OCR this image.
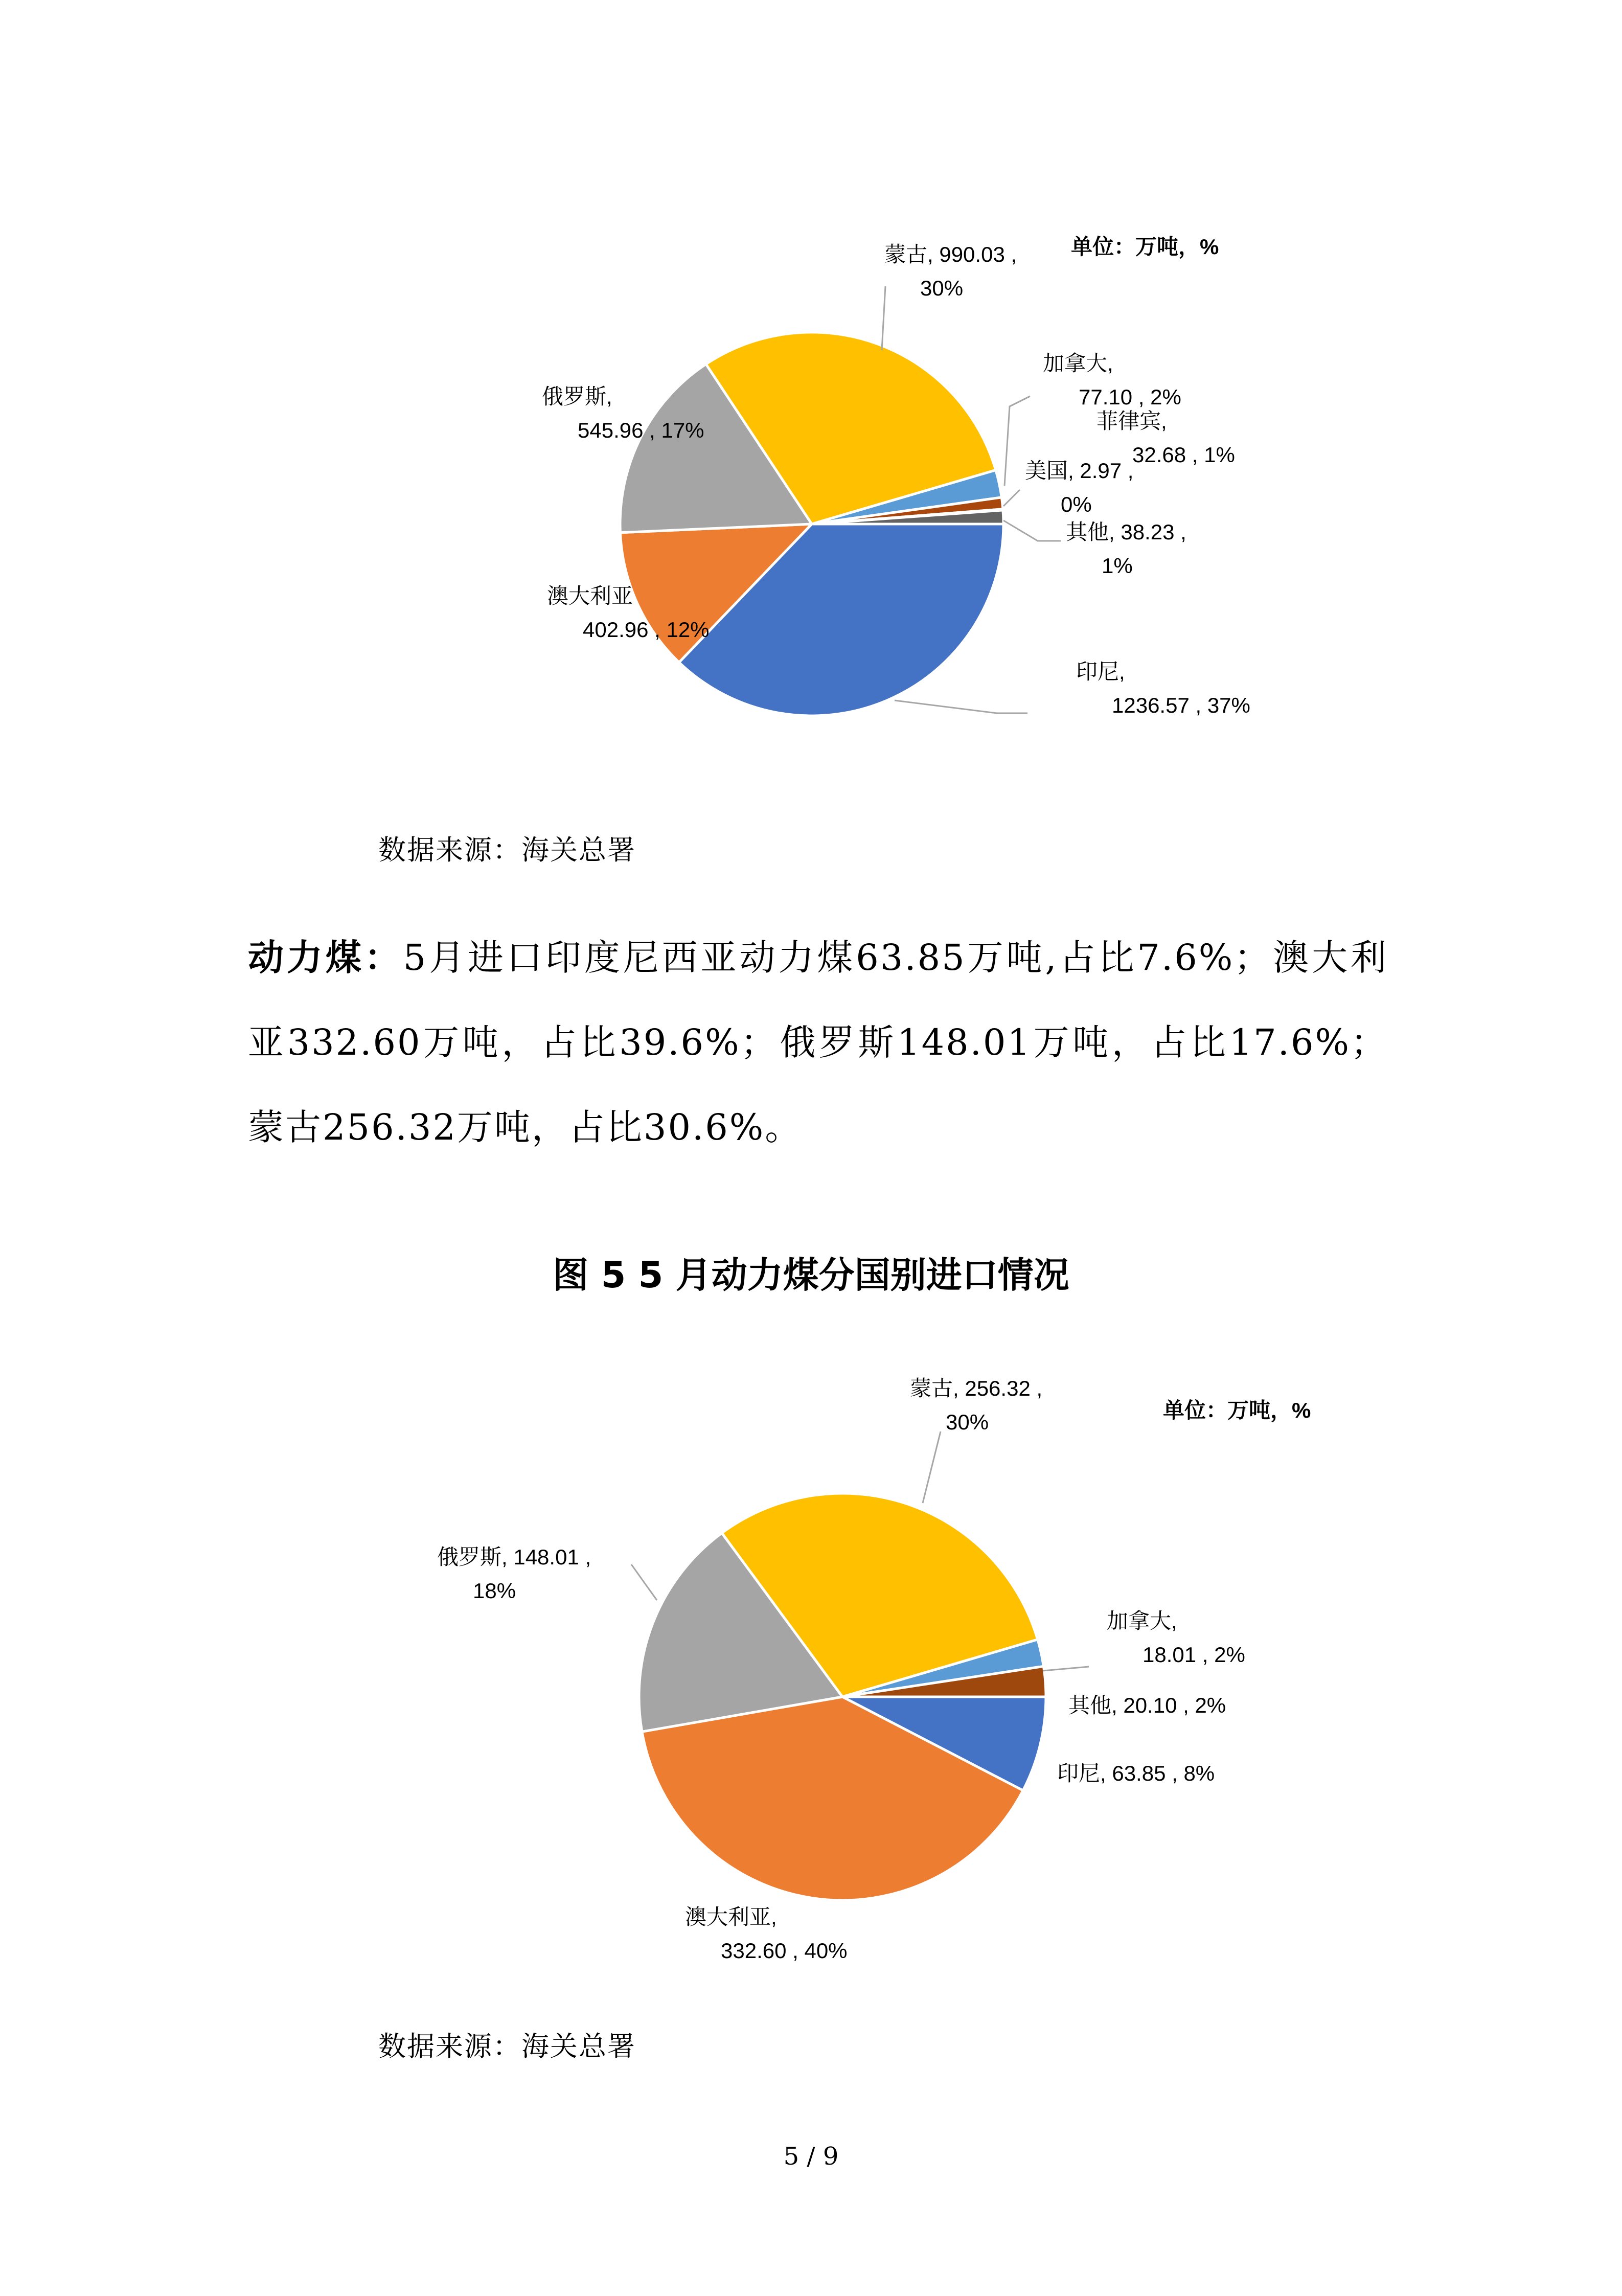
印尼, 1236.57 , 37%
澳大利亚 402.96 , 12%
俄罗斯, 545.96 , 17%
蒙古, 990.03 , 30%
加拿大, 77.10 , 2%
菲律宾, 32.68 , 1%
美国, 2.97 , 0%
其他, 38.23 , 1%
单位：万吨，%
数据来源：海关总署
动力煤：5月进口印度尼西亚动力煤63.85万吨,占比7.6%；澳大利亚332.60万吨，占比39.6%；俄罗斯148.01万吨，占比17.6%；蒙古256.32万吨，占比30.6%。
图 5 5 月动力煤分国别进口情况
印尼, 63.85 , 8%
澳大利亚, 332.60 , 40%
俄罗斯, 148.01 , 18%
蒙古, 256.32 , 30%
加拿大, 18.01 , 2%
其他, 20.10 , 2%
单位：万吨，%
数据来源：海关总署
5 / 9
